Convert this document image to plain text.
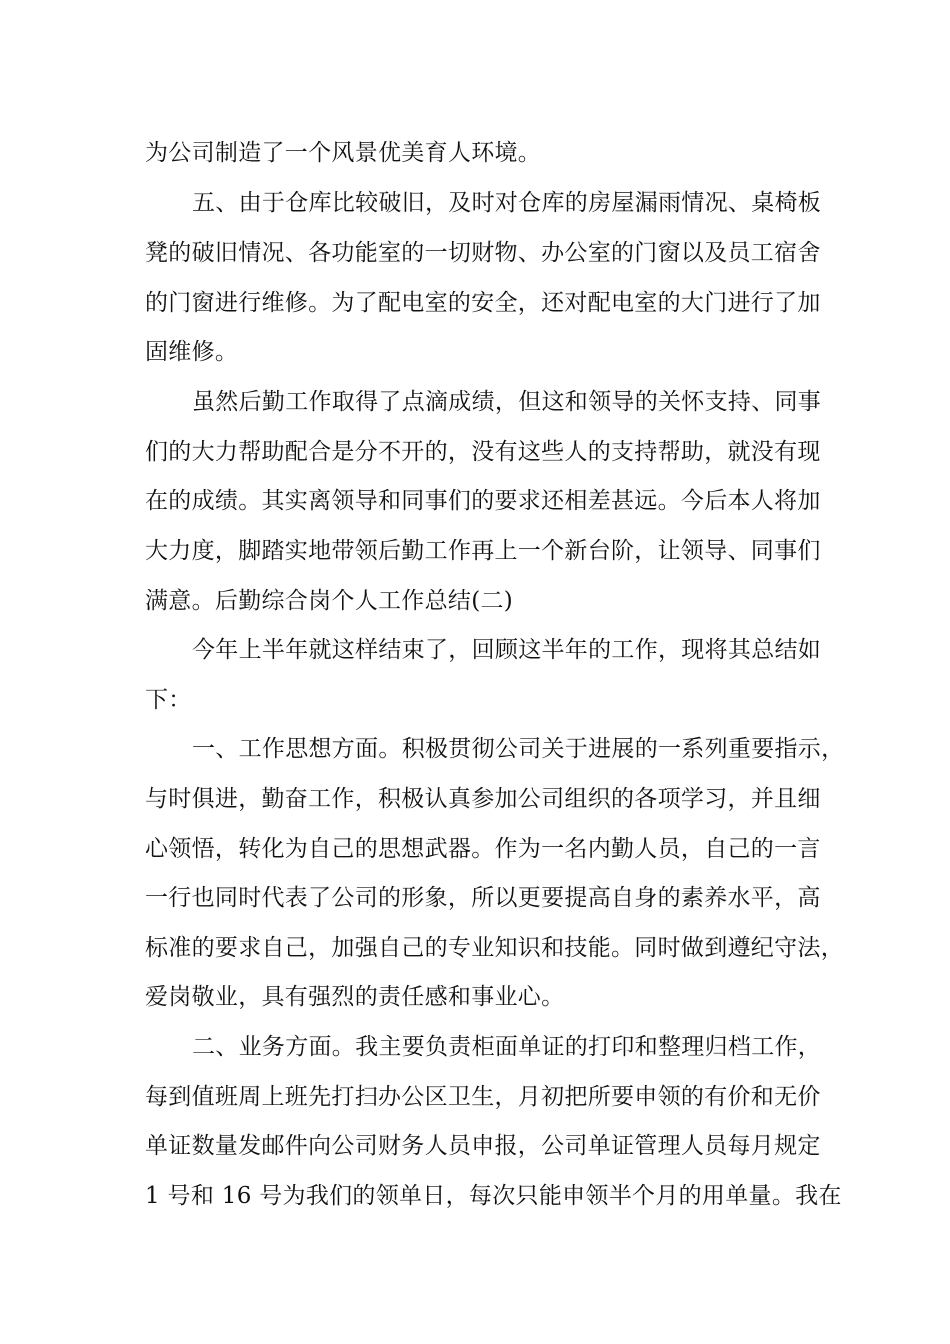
为公司制造了一个风景优美育人环境。

五、由于仓库比较破旧，及时对仓库的房屋漏雨情况、桌椅板

凳的破旧情况、各功能室的一切财物、办公室的门窗以及员工宿舍

的门窗进行维修。为了配电室的安全，还对配电室的大门进行了加

固维修。

虽然后勤工作取得了点滴成绩，但这和领导的关怀支持、同事

们的大力帮助配合是分不开的，没有这些人的支持帮助，就没有现

在的成绩。其实离领导和同事们的要求还相差甚远。今后本人将加

大力度，脚踏实地带领后勤工作再上一个新台阶，让领导、同事们

满意。后勤综合岗个人工作总结(二)

今年上半年就这样结束了，回顾这半年的工作，现将其总结如

下：

一、工作思想方面。积极贯彻公司关于进展的一系列重要指示，

与时俱进，勤奋工作，积极认真参加公司组织的各项学习，并且细

心领悟，转化为自己的思想武器。作为一名内勤人员，自己的一言

一行也同时代表了公司的形象，所以更要提高自身的素养水平，高

标准的要求自己，加强自己的专业知识和技能。同时做到遵纪守法，

爱岗敬业，具有强烈的责任感和事业心。

二、业务方面。我主要负责柜面单证的打印和整理归档工作，

每到值班周上班先打扫办公区卫生，月初把所要申领的有价和无价

单证数量发邮件向公司财务人员申报，公司单证管理人员每月规定

1 号和 16 号为我们的领单日，每次只能申领半个月的用单量。我在
